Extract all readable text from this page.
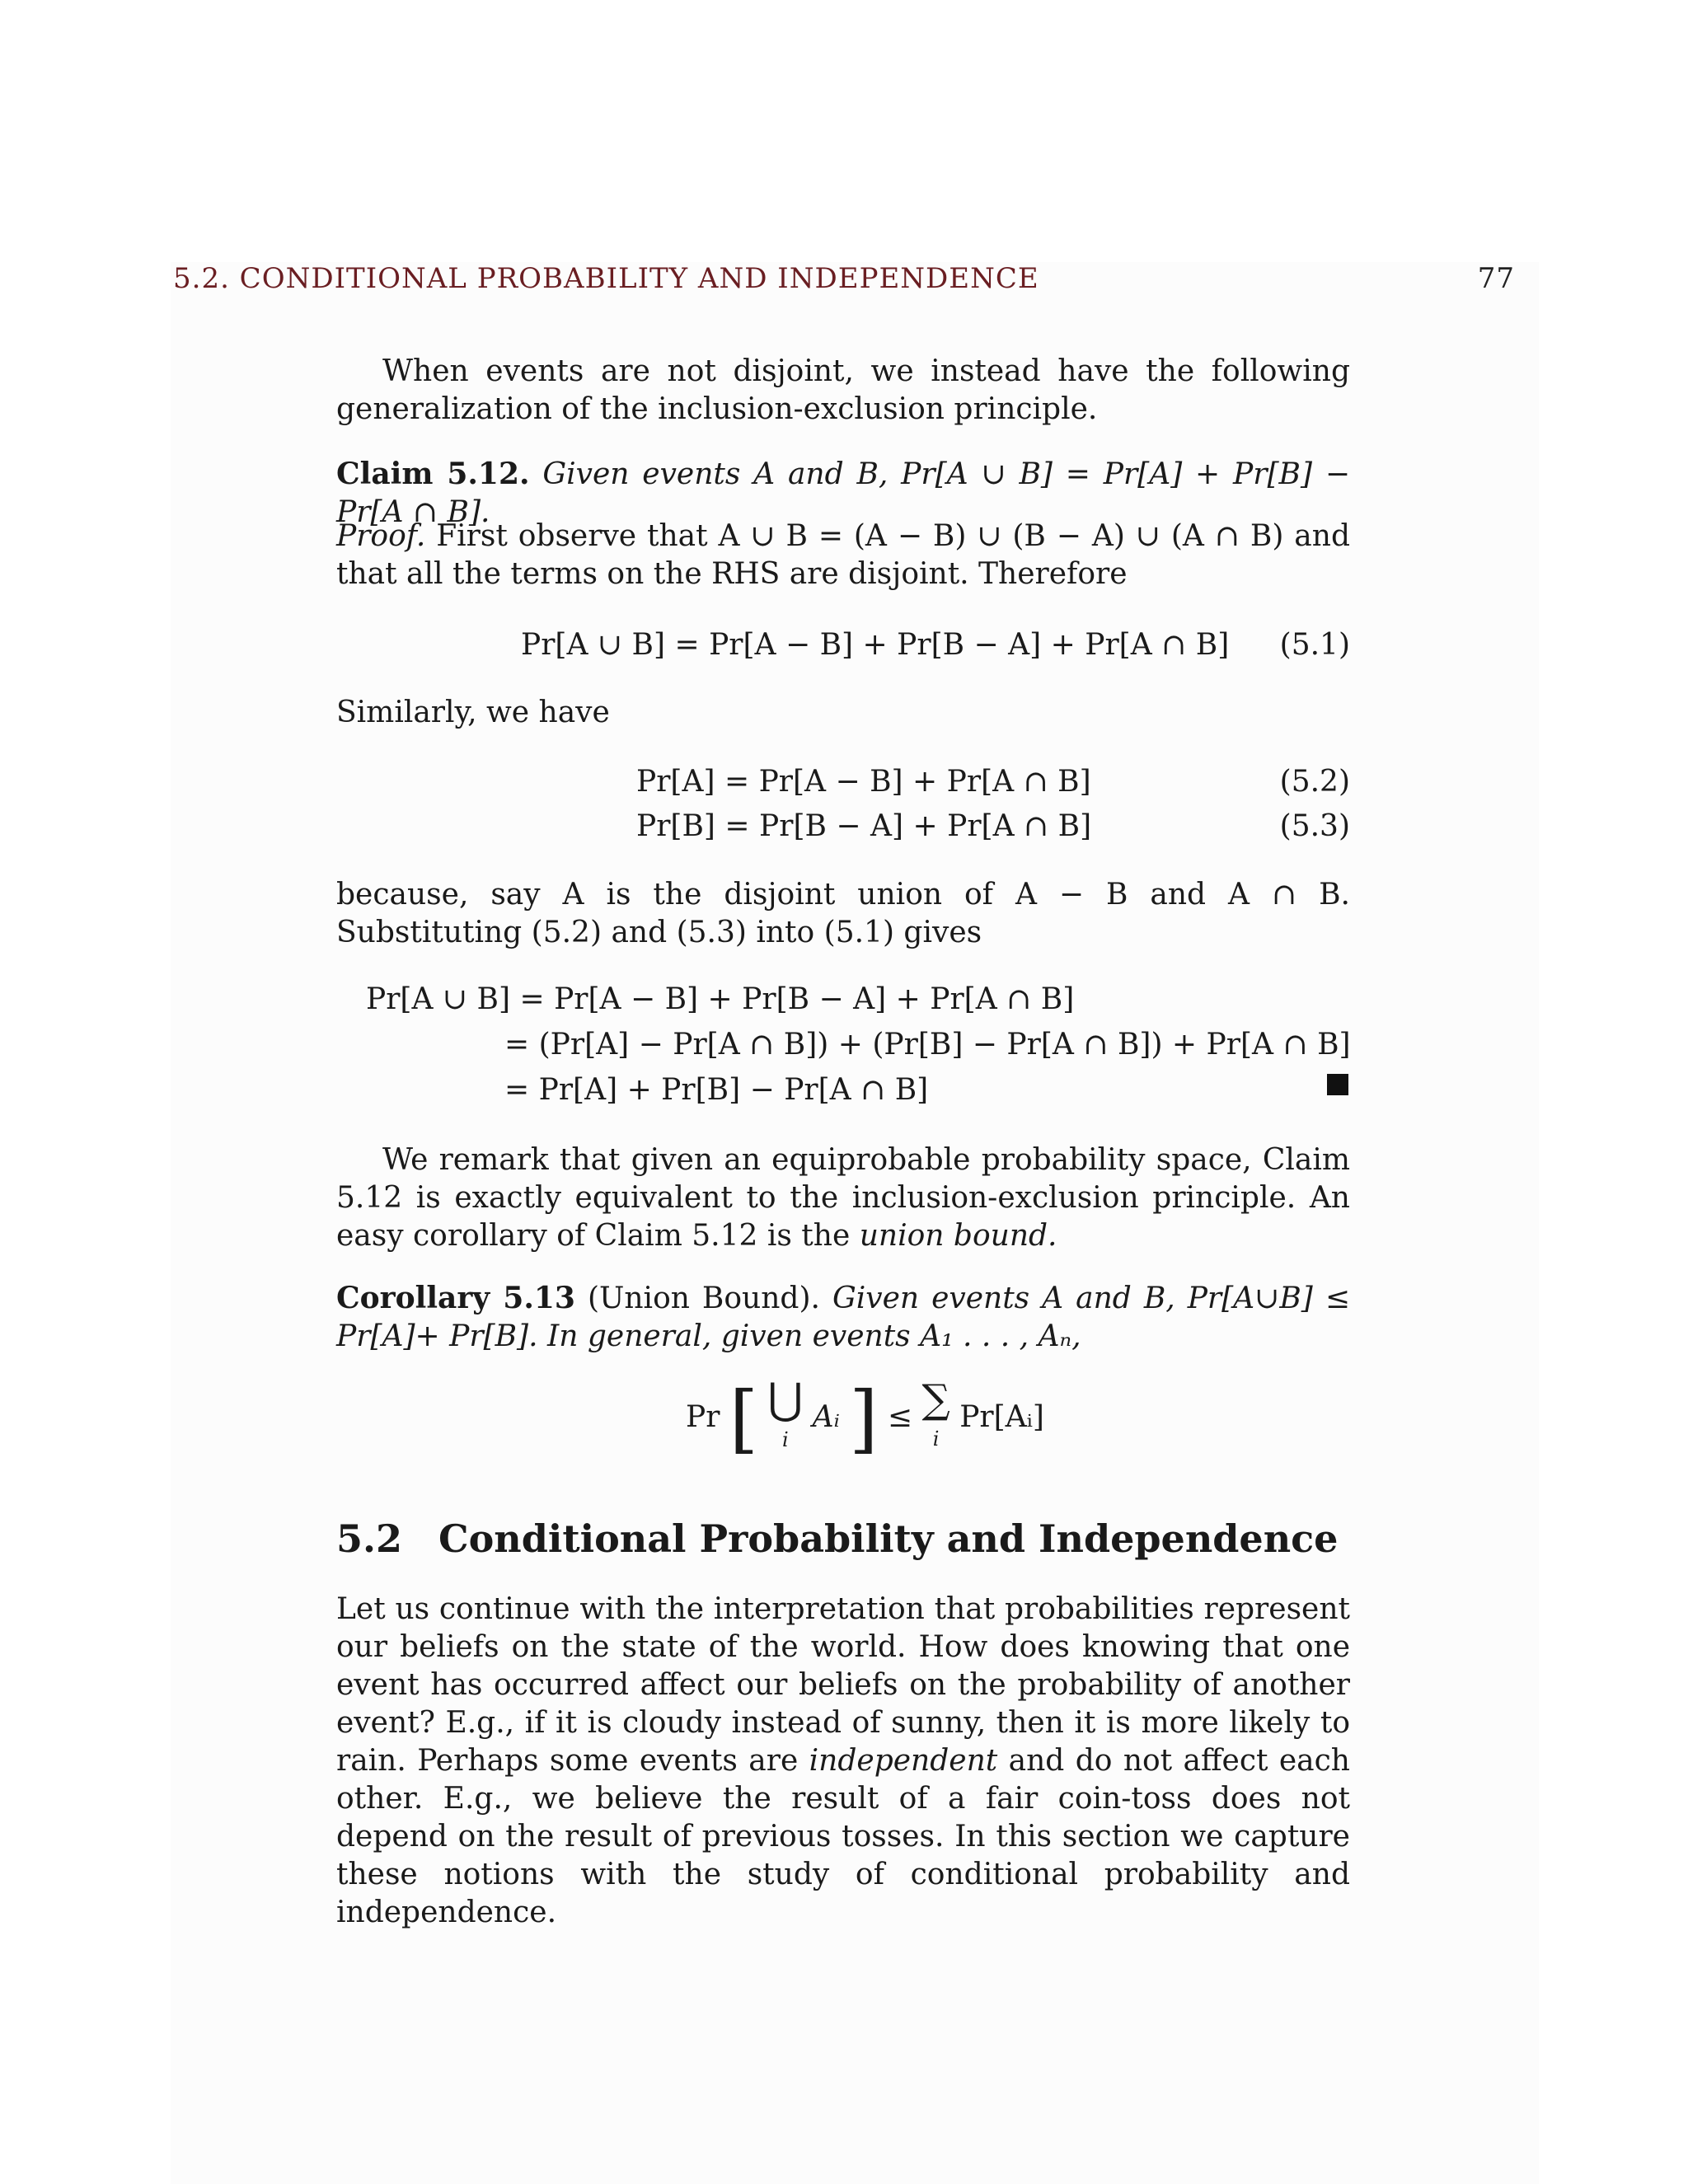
5.2. CONDITIONAL PROBABILITY AND INDEPENDENCE	77

When events are not disjoint, we instead have the following generalization of the inclusion-exclusion principle.

Claim 5.12. Given events A and B, Pr[A ∪ B] = Pr[A] + Pr[B] − Pr[A ∩ B].

Proof. First observe that A ∪ B = (A − B) ∪ (B − A) ∪ (A ∩ B) and that all the terms on the RHS are disjoint. Therefore

Pr[A ∪ B] = Pr[A − B] + Pr[B − A] + Pr[A ∩ B]	(5.1)

Similarly, we have

Pr[A] = Pr[A − B] + Pr[A ∩ B]	(5.2)
Pr[B] = Pr[B − A] + Pr[A ∩ B]	(5.3)

because, say A is the disjoint union of A − B and A ∩ B. Substituting (5.2) and (5.3) into (5.1) gives

Pr[A ∪ B] = Pr[A − B] + Pr[B − A] + Pr[A ∩ B]
= (Pr[A] − Pr[A ∩ B]) + (Pr[B] − Pr[A ∩ B]) + Pr[A ∩ B]
= Pr[A] + Pr[B] − Pr[A ∩ B]

We remark that given an equiprobable probability space, Claim 5.12 is exactly equivalent to the inclusion-exclusion principle. An easy corollary of Claim 5.12 is the union bound.

Corollary 5.13 (Union Bound). Given events A and B, Pr[A∪B] ≤ Pr[A]+ Pr[B]. In general, given events A₁ . . . , Aₙ,

Pr [ ⋃
i Aᵢ ] ≤ ∑
i Pr[Aᵢ]
5.2 Conditional Probability and Independence

Let us continue with the interpretation that probabilities represent our beliefs on the state of the world. How does knowing that one event has occurred affect our beliefs on the probability of another event? E.g., if it is cloudy instead of sunny, then it is more likely to rain. Perhaps some events are independent and do not affect each other. E.g., we believe the result of a fair coin-toss does not depend on the result of previous tosses. In this section we capture these notions with the study of conditional probability and independence.
